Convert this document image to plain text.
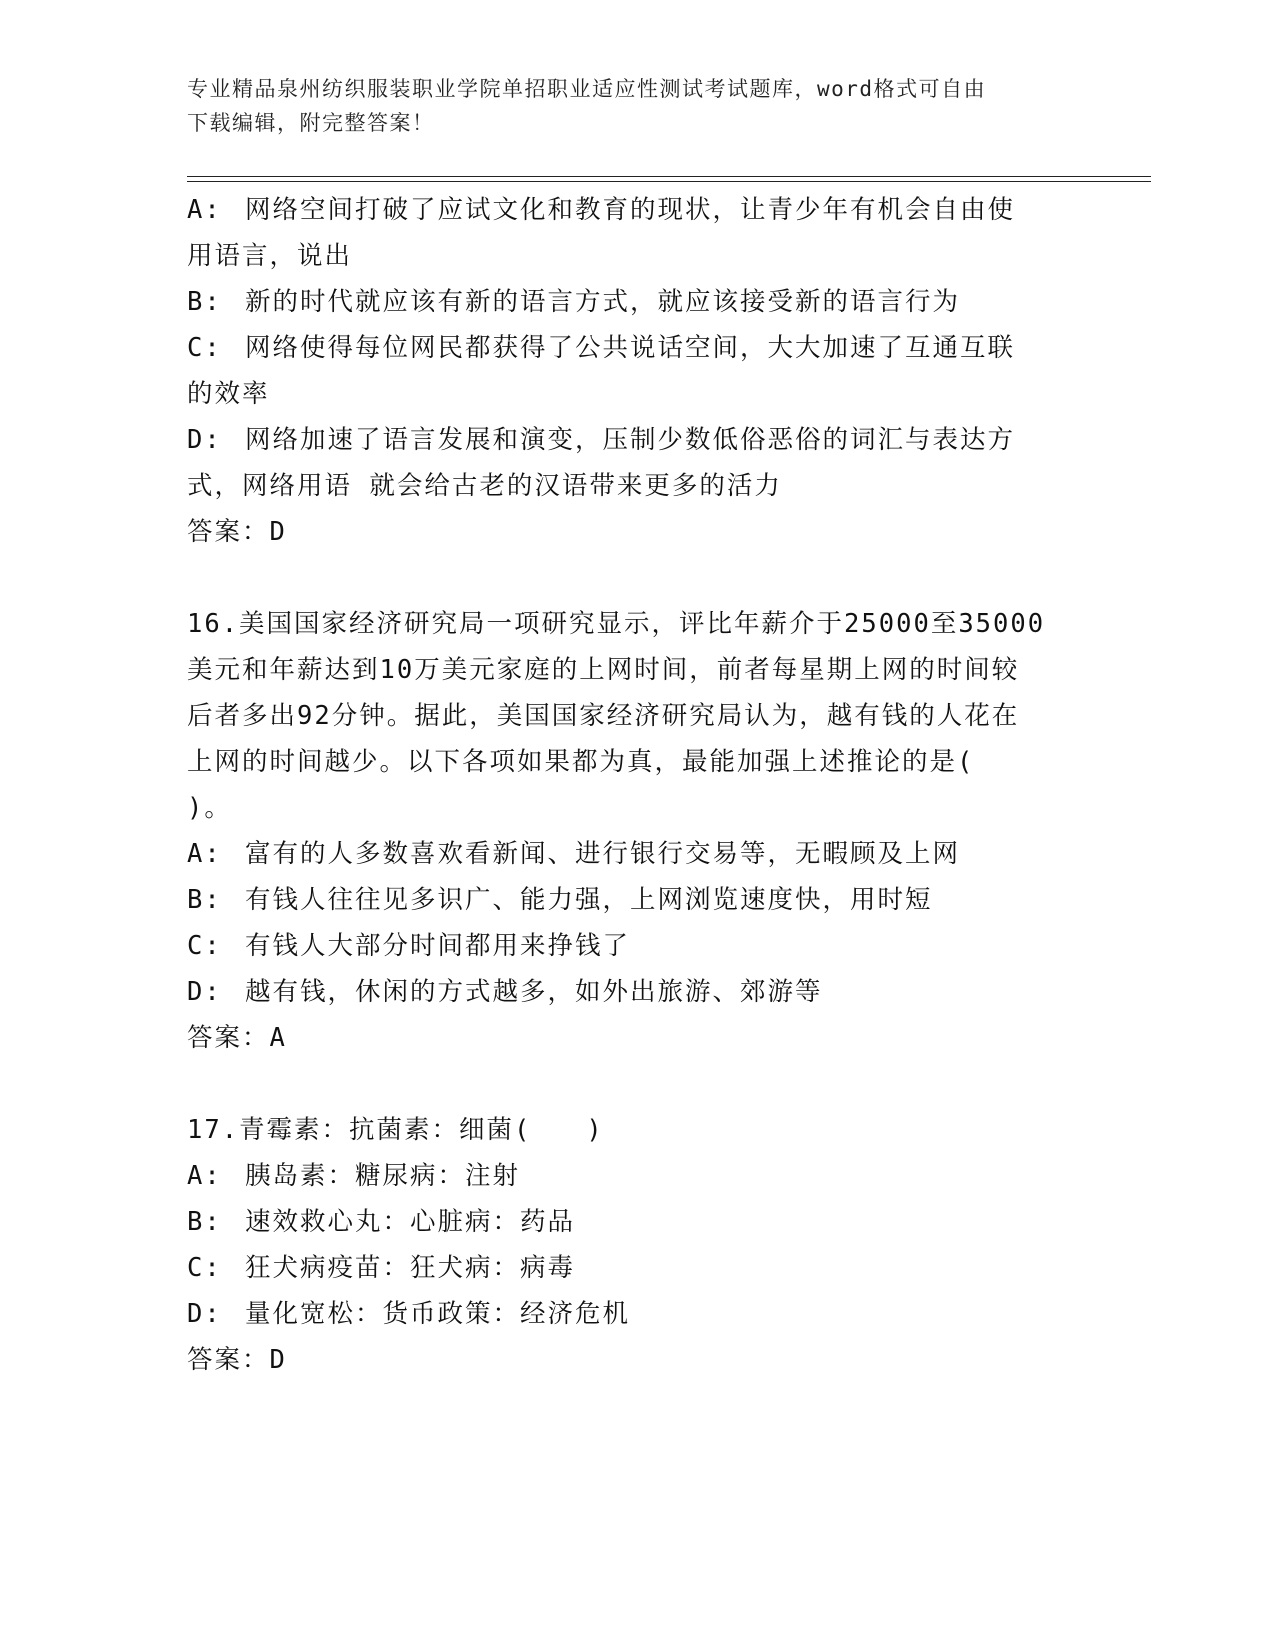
专业精品泉州纺织服装职业学院单招职业适应性测试考试题库，word格式可自由
下载编辑，附完整答案！
A: 网络空间打破了应试文化和教育的现状，让青少年有机会自由使
用语言，说出
B: 新的时代就应该有新的语言方式，就应该接受新的语言行为
C: 网络使得每位网民都获得了公共说话空间，大大加速了互通互联
的效率
D: 网络加速了语言发展和演变，压制少数低俗恶俗的词汇与表达方
式，网络用语 就会给古老的汉语带来更多的活力
答案：D
16.美国国家经济研究局一项研究显示，评比年薪介于25000至35000
美元和年薪达到10万美元家庭的上网时间，前者每星期上网的时间较
后者多出92分钟。据此，美国国家经济研究局认为，越有钱的人花在
上网的时间越少。以下各项如果都为真，最能加强上述推论的是(
)。
A: 富有的人多数喜欢看新闻、进行银行交易等，无暇顾及上网
B: 有钱人往往见多识广、能力强，上网浏览速度快，用时短
C: 有钱人大部分时间都用来挣钱了
D: 越有钱，休闲的方式越多，如外出旅游、郊游等
答案：A
17.青霉素：抗菌素：细菌(　　)
A: 胰岛素：糖尿病：注射
B: 速效救心丸：心脏病：药品
C: 狂犬病疫苗：狂犬病：病毒
D: 量化宽松：货币政策：经济危机
答案：D
